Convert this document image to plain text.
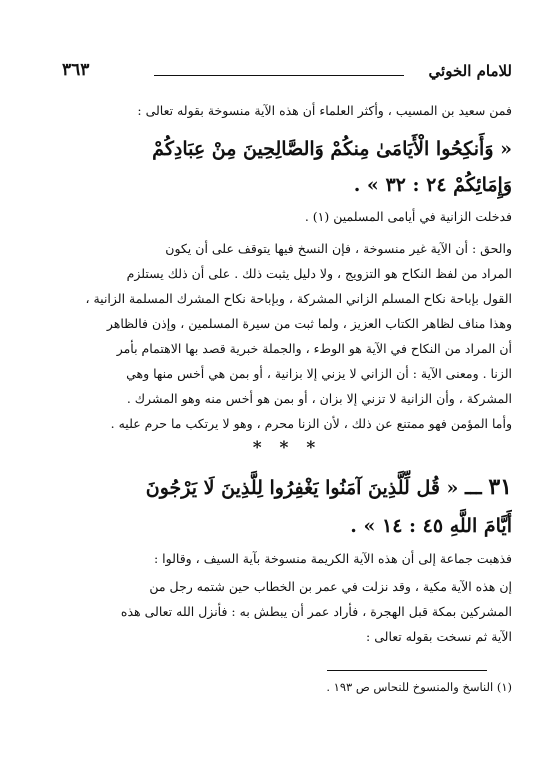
للامام الخوئي
٣٦٣
فمن سعيد بن المسيب ، وأكثر العلماء أن هذه الآية منسوخة بقوله تعالى :
« وَأَنكِحُوا الْأَيَامَىٰ مِنكُمْ وَالصَّالِحِينَ مِنْ عِبَادِكُمْ
وَإِمَائِكُمْ ٢٤ : ٣٢ » .
فدخلت الزانية في أيامى المسلمين (١) .
والحق : أن الآية غير منسوخة ، فإن النسخ فيها يتوقف على أن يكون
المراد من لفظ النكاح هو التزويج ، ولا دليل يثبت ذلك . على أن ذلك يستلزم
القول بإباحة نكاح المسلم الزاني المشركة ، وبإباحة نكاح المشرك المسلمة الزانية ،
وهذا مناف لظاهر الكتاب العزيز ، ولما ثبت من سيرة المسلمين ، وإذن فالظاهر
أن المراد من النكاح في الآية هو الوطء ، والجملة خبرية قصد بها الاهتمام بأمر
الزنا . ومعنى الآية : أن الزاني لا يزني إلا بزانية ، أو بمن هي أخس منها وهي
المشركة ، وأن الزانية لا تزني إلا بزان ، أو بمن هو أخس منه وهو المشرك .
وأما المؤمن فهو ممتنع عن ذلك ، لأن الزنا محرم ، وهو لا يرتكب ما حرم عليه .
* * *
٣١ ـــ « قُل لِّلَّذِينَ آمَنُوا يَغْفِرُوا لِلَّذِينَ لَا يَرْجُونَ
أَيَّامَ اللَّهِ ٤٥ : ١٤ » .
فذهبت جماعة إلى أن هذه الآية الكريمة منسوخة بآية السيف ، وقالوا :
إن هذه الآية مكية ، وقد نزلت في عمر بن الخطاب حين شتمه رجل من
المشركين بمكة قبل الهجرة ، فأراد عمر أن يبطش به : فأنزل الله تعالى هذه
الآية ثم نسخت بقوله تعالى :
(١) الناسخ والمنسوخ للنحاس ص ١٩٣ .
